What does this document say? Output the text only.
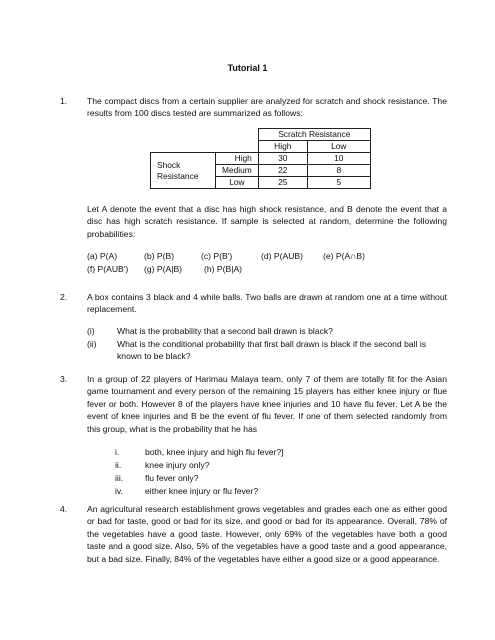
Tutorial 1
1. The compact discs from a certain supplier are analyzed for scratch and shock resistance. The results from 100 discs tested are summarized as follows:

		Scratch Resistance	
		High	Low
Shock
Resistance	High	30	10
	Medium	22	8
	Low	25	5

Let A denote the event that a disc has high shock resistance, and B denote the event that a disc has high scratch resistance. If sample is selected at random, determine the following probabilities:

(a) P(A)	(b) P(B)	(c) P(B')	(d) P(AUB) (e) P(A∩B)
(f) P(AUB') (g) P(A|B)	(h) P(B|A)
2. A box contains 3 black and 4 while balls. Two balls are drawn at random one at a time without replacement.

(i)	What is the probability that a second ball drawn is black?
(ii) What is the conditional probability that first ball drawn is black if the second ball is known to be black?
3. In a group of 22 players of Harimau Malaya team, only 7 of them are totally fit for the Asian game tournament and every person of the remaining 15 players has either knee injury or flue fever or both. However 8 of the players have knee injuries and 10 have flu fever. Let A be the event of knee injuries and B be the event of flu fever. If one of them selected randomly from this group, what is the probability that he has

i.	both, knee injury and high flu fever?]
ii.	knee injury only?
iii.	flu fever only?
iv.	either knee injury or flu fever?
4. An agricultural research establishment grows vegetables and grades each one as either good or bad for taste, good or bad for its size, and good or bad for its appearance. Overall, 78% of the vegetables have a good taste. However, only 69% of the vegetables have both a good taste and a good size. Also, 5% of the vegetables have a good taste and a good appearance, but a bad size. Finally, 84% of the vegetables have either a good size or a good appearance.
